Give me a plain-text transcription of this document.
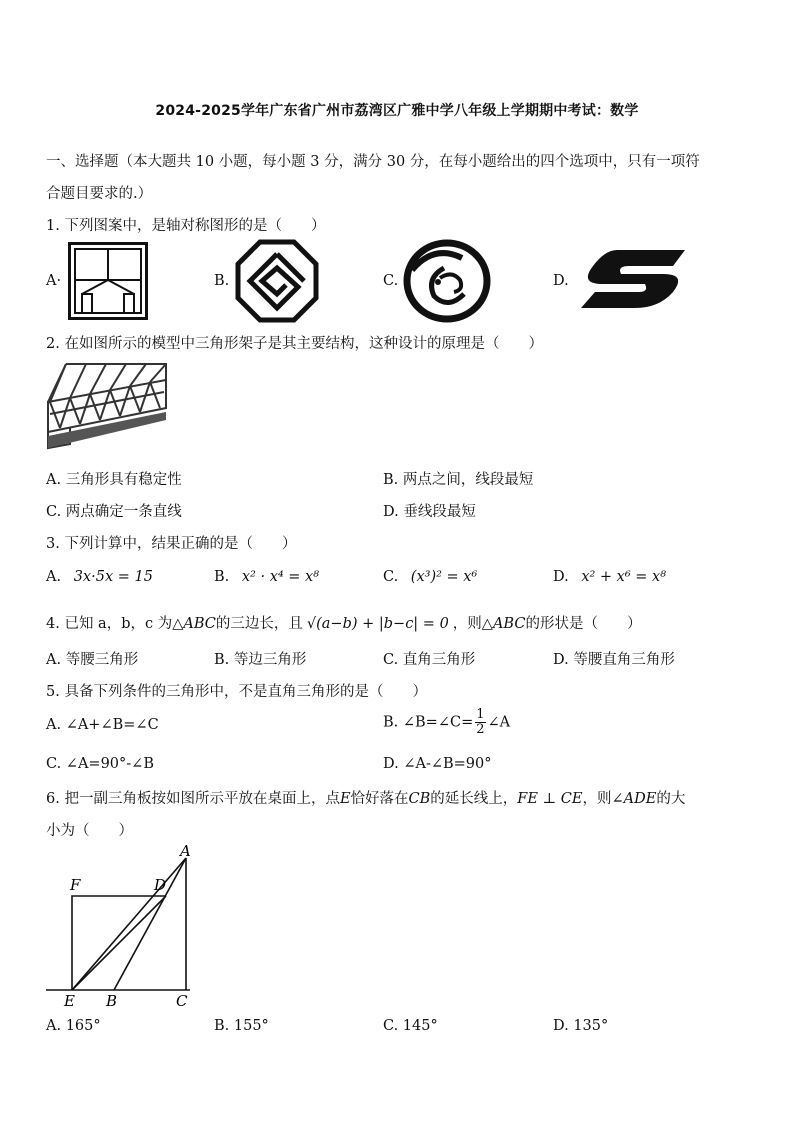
2024-2025学年广东省广州市荔湾区广雅中学八年级上学期期中考试：数学
一、选择题（本大题共 10 小题，每小题 3 分，满分 30 分，在每小题给出的四个选项中，只有一项符
合题目要求的.）
1. 下列图案中，是轴对称图形的是（　　）
A·	B.	C.	D.
2. 在如图所示的模型中三角形架子是其主要结构，这种设计的原理是（　　）
A. 三角形具有稳定性	B. 两点之间，线段最短
C. 两点确定一条直线	D. 垂线段最短
3. 下列计算中，结果正确的是（　　）
A. 3x·5x = 15	B. x² · x⁴ = x⁸	C. (x³)² = x⁶	D. x² + x⁶ = x⁸
4. 已知 a，b，c 为△ABC的三边长，且 √(a−b) + |b−c| = 0 ，则△ABC的形状是（　　）
A. 等腰三角形	B. 等边三角形	C. 直角三角形	D. 等腰直角三角形
5. 具备下列条件的三角形中，不是直角三角形的是（　　）
A. ∠A+∠B=∠C	B. ∠B=∠C= $\frac{1}{2}$ ∠A
C. ∠A=90°-∠B	D. ∠A-∠B=90°
6. 把一副三角板按如图所示平放在桌面上，点E恰好落在CB的延长线上，FE ⊥ CE，则∠ADE的大
小为（　　）
A
F	D
E B	C
A. 165°	B. 155°	C. 145°	D. 135°
